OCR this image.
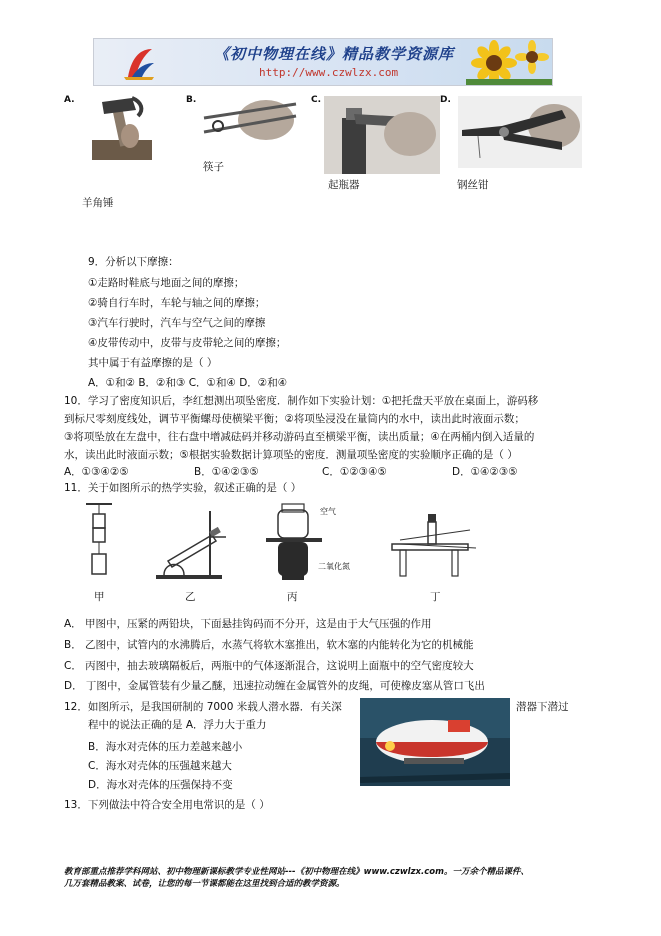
《初中物理在线》精品教学资源库
http://www.czwlzx.com
A.
羊角锤
B.
筷子
C.
起瓶器
D.
钢丝钳
9．分析以下摩擦：
①走路时鞋底与地面之间的摩擦；
②骑自行车时，车轮与轴之间的摩擦；
③汽车行驶时，汽车与空气之间的摩擦
④皮带传动中，皮带与皮带轮之间的摩擦；
其中属于有益摩擦的是（ ）
A．①和② B．②和③ C．①和④ D．②和④
10．学习了密度知识后，李红想测出项坠密度．制作如下实验计划：①把托盘天平放在桌面上，游码移
到标尺零刻度线处，调节平衡螺母使横梁平衡；②将项坠浸没在量筒内的水中，读出此时液面示数；
③将项坠放在左盘中，往右盘中增减砝码并移动游码直至横梁平衡，读出质量；④在两桶内倒入适量的
水，读出此时液面示数；⑤根据实验数据计算项坠的密度．测量项坠密度的实验顺序正确的是（ ）
A．①③④②⑤	B．①④②③⑤	C．①②③④⑤	D．①④②③⑤
11．关于如图所示的热学实验，叙述正确的是（ ）
空气
二氧化氮
甲	乙	丙	丁
A． 甲图中，压紧的两铅块，下面悬挂钩码而不分开，这是由于大气压强的作用
B． 乙图中，试管内的水沸腾后，水蒸气将软木塞推出，软木塞的内能转化为它的机械能
C． 丙图中，抽去玻璃隔板后，两瓶中的气体逐渐混合，这说明上面瓶中的空气密度较大
D． 丁图中，金属管装有少量乙醚，迅速拉动缠在金属管外的皮绳，可使橡皮塞从管口飞出
12．如图所示，是我国研制的 7000 米载人潜水器．有关深	潜器下潜过
程中的说法正确的是 A．浮力大于重力
B．海水对壳体的压力差越来越小
C．海水对壳体的压强越来越大
D．海水对壳体的压强保持不变
13．下列做法中符合安全用电常识的是（ ）
教育部重点推荐学科网站、初中物理新课标教学专业性网站---《初中物理在线》www.czwlzx.com。一万余个精品课件、
几万套精品教案、试卷，让您的每一节课都能在这里找到合适的教学资源。
